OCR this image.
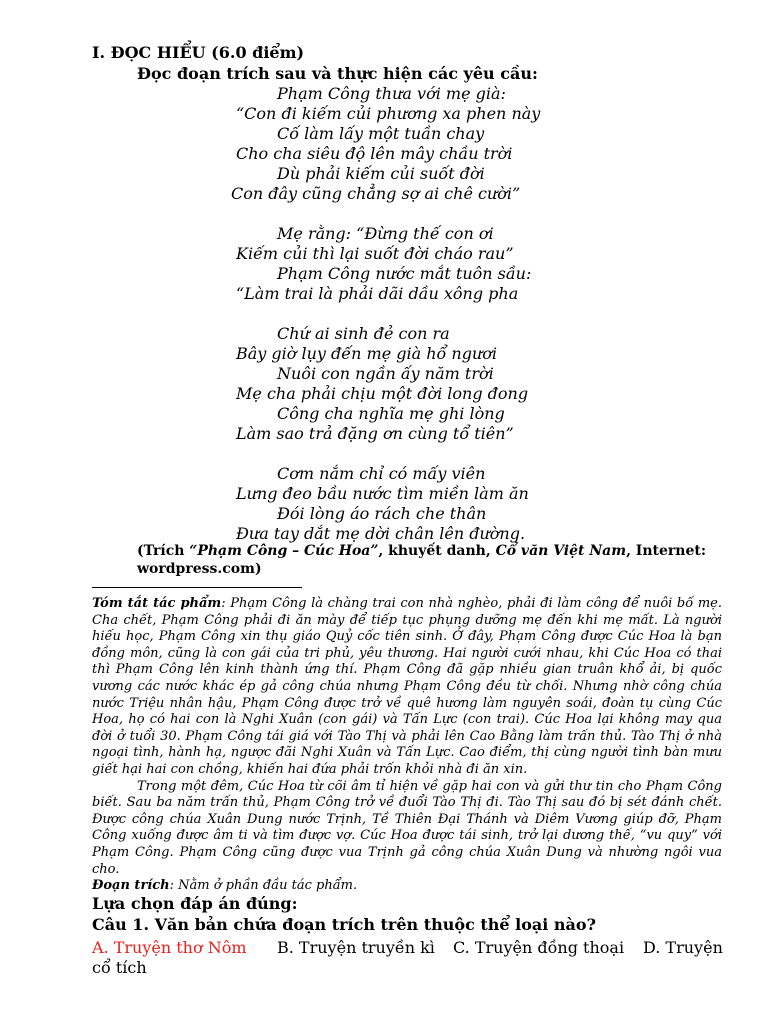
I. ĐỌC HIỂU (6.0 điểm)
Đọc đoạn trích sau và thực hiện các yêu cầu:
Phạm Công thưa với mẹ già:
“Con đi kiếm củi phương xa phen này
Cố làm lấy một tuần chay
Cho cha siêu độ lên mây chầu trời
Dù phải kiếm củi suốt đời
Con đây cũng chẳng sợ ai chê cười”
Mẹ rằng: “Đừng thế con ơi
Kiếm củi thì lại suốt đời cháo rau”
Phạm Công nước mắt tuôn sầu:
“Làm trai là phải dãi dầu xông pha
Chứ ai sinh đẻ con ra
Bây giờ lụy đến mẹ già hổ ngươi
Nuôi con ngần ấy năm trời
Mẹ cha phải chịu một đời long đong
Công cha nghĩa mẹ ghi lòng
Làm sao trả đặng ơn cùng tổ tiên”
Cơm nắm chỉ có mấy viên
Lưng đeo bầu nước tìm miền làm ăn
Đói lòng áo rách che thân
Đưa tay dắt mẹ dời chân lên đường.
(Trích “Phạm Công – Cúc Hoa”, khuyết danh, Cổ văn Việt Nam, Internet: wordpress.com)

Tóm tắt tác phẩm: Phạm Công là chàng trai con nhà nghèo, phải đi làm công để nuôi bố mẹ. Cha chết, Phạm Công phải đi ăn mày để tiếp tục phụng dưỡng mẹ đến khi mẹ mất. Là người hiếu học, Phạm Công xin thụ giáo Quỷ cốc tiên sinh. Ở đây, Phạm Công được Cúc Hoa là bạn đồng môn, cũng là con gái của tri phủ, yêu thương. Hai người cưới nhau, khi Cúc Hoa có thai thì Phạm Công lên kinh thành ứng thí. Phạm Công đã gặp nhiều gian truân khổ ải, bị quốc vương các nước khác ép gả công chúa nhưng Phạm Công đều từ chối. Nhưng nhờ công chúa nước Triệu nhân hậu, Phạm Công được trở về quê hương làm nguyên soái, đoàn tụ cùng Cúc Hoa, họ có hai con là Nghi Xuân (con gái) và Tấn Lực (con trai). Cúc Hoa lại không may qua đời ở tuổi 30. Phạm Công tái giá với Tào Thị và phải lên Cao Bằng làm trấn thủ. Tào Thị ở nhà ngoại tình, hành hạ, ngược đãi Nghi Xuân và Tấn Lực. Cao điểm, thị cùng người tình bàn mưu giết hại hai con chồng, khiến hai đứa phải trốn khỏi nhà đi ăn xin.

Trong một đêm, Cúc Hoa từ cõi âm tỉ hiện về gặp hai con và gửi thư tin cho Phạm Công biết. Sau ba năm trấn thủ, Phạm Công trở về đuổi Tào Thị đi. Tào Thị sau đó bị sét đánh chết. Được công chúa Xuân Dung nước Trịnh, Tề Thiên Đại Thánh và Diêm Vương giúp đỡ, Phạm Công xuống được âm ti và tìm được vợ. Cúc Hoa được tái sinh, trở lại dương thế, “vu quy” với Phạm Công. Phạm Công cũng được vua Trịnh gả công chúa Xuân Dung và nhường ngôi vua cho.

Đoạn trích: Nằm ở phần đầu tác phẩm.

Lựa chọn đáp án đúng:
Câu 1. Văn bản chứa đoạn trích trên thuộc thể loại nào?
A. Truyện thơ Nôm B. Truyện truyền kì C. Truyện đồng thoại D. Truyện
cổ tích
